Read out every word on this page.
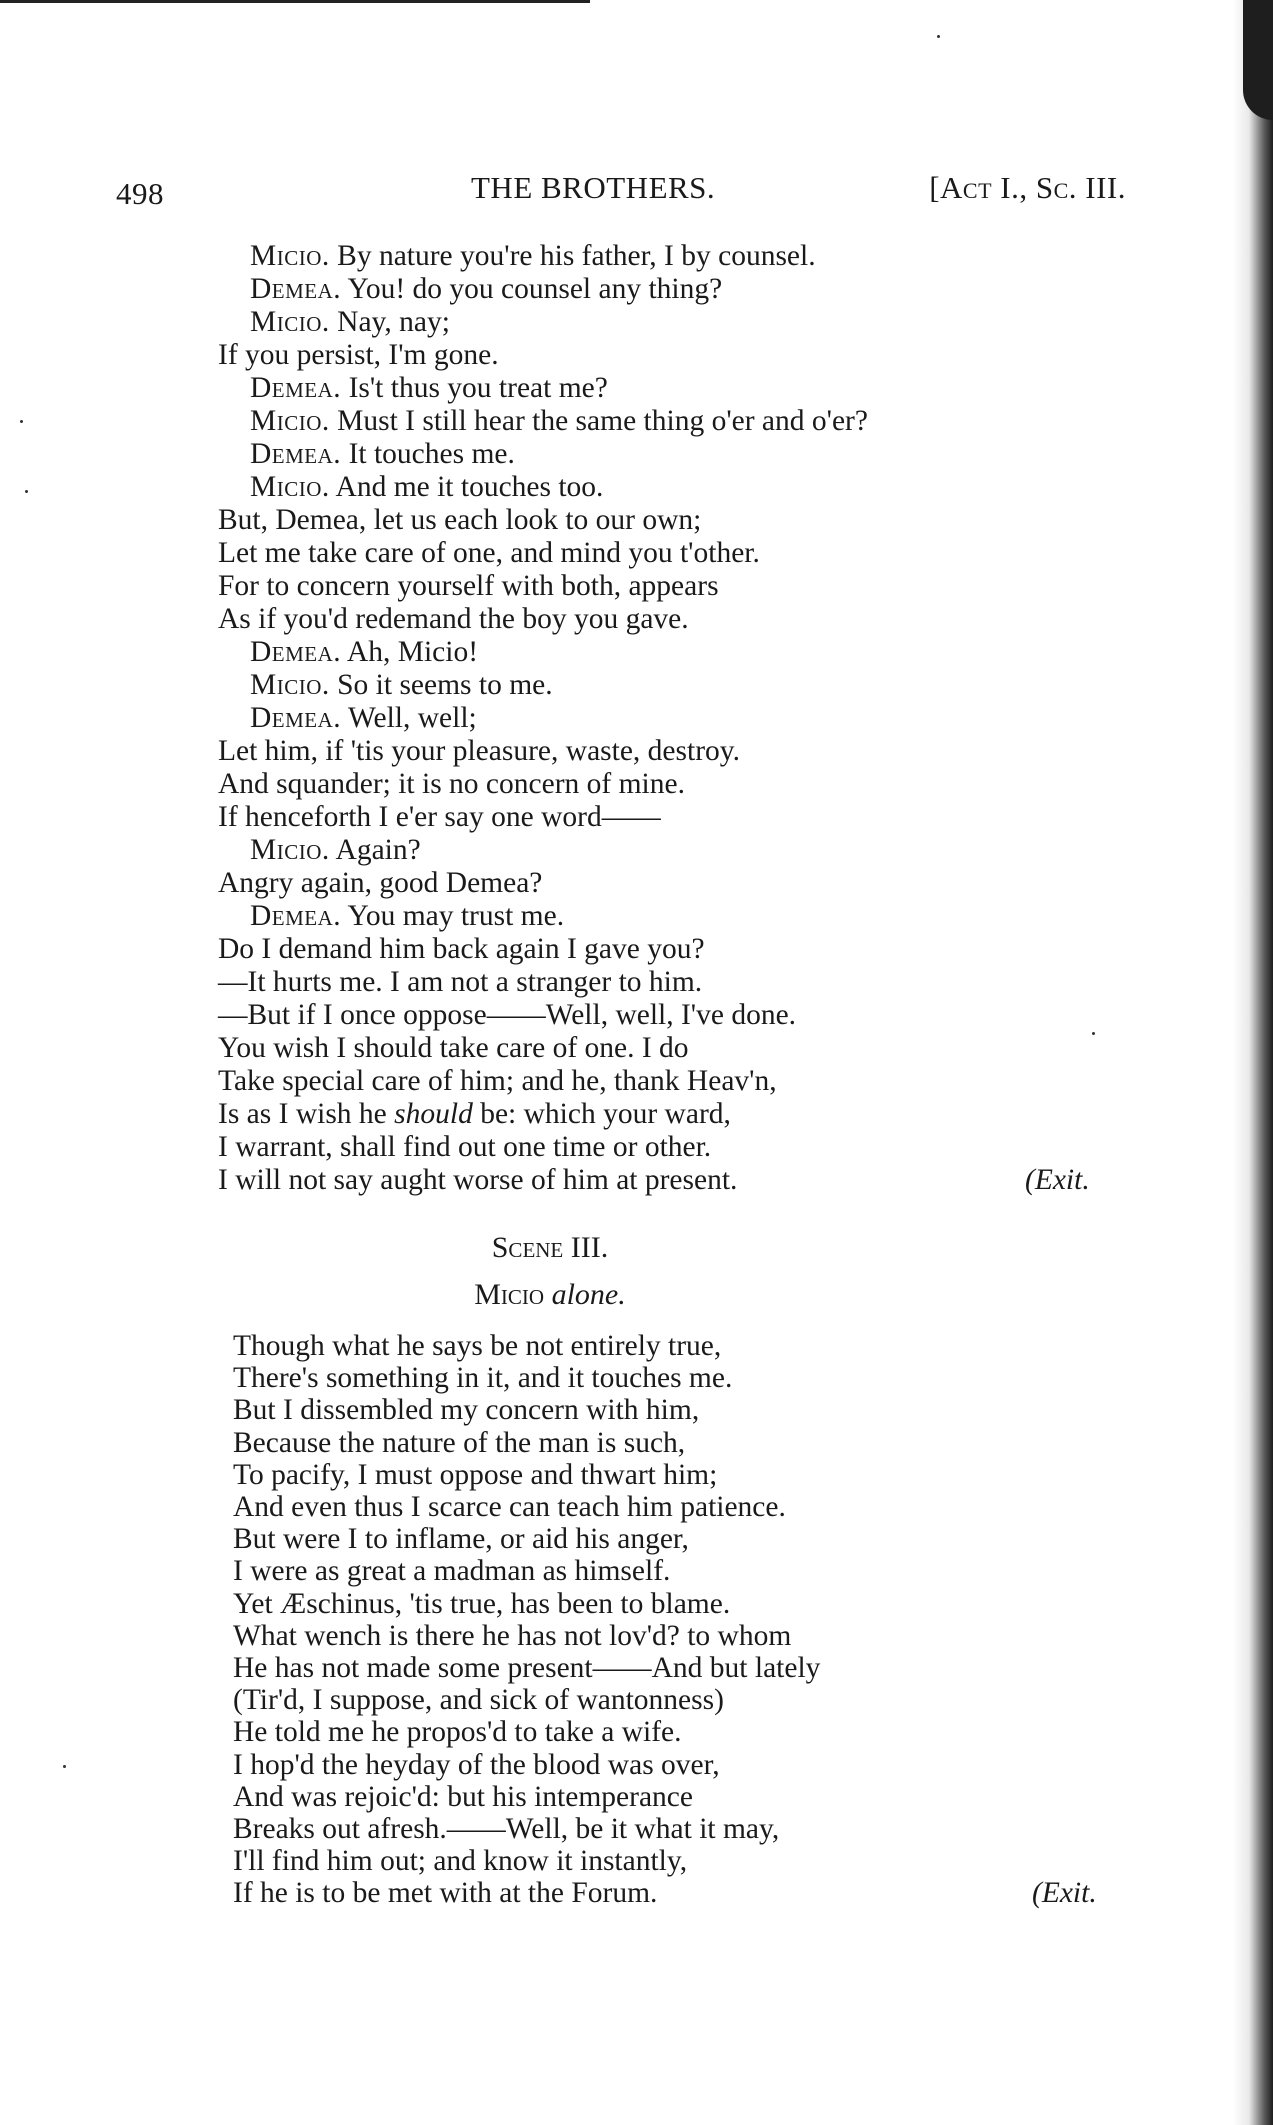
498	THE BROTHERS.	[Act I., Sc. III.
Micio. By nature you're his father, I by counsel.
Demea. You! do you counsel any thing?
Micio. Nay, nay;
If you persist, I'm gone.
Demea. Is't thus you treat me?
Micio. Must I still hear the same thing o'er and o'er?
Demea. It touches me.
Micio. And me it touches too.
But, Demea, let us each look to our own;
Let me take care of one, and mind you t'other.
For to concern yourself with both, appears
As if you'd redemand the boy you gave.
Demea. Ah, Micio!
Micio. So it seems to me.
Demea. Well, well;
Let him, if 'tis your pleasure, waste, destroy.
And squander; it is no concern of mine.
If henceforth I e'er say one word——
Micio. Again?
Angry again, good Demea?
Demea. You may trust me.
Do I demand him back again I gave you?
—It hurts me. I am not a stranger to him.
—But if I once oppose——Well, well, I've done.
You wish I should take care of one. I do
Take special care of him; and he, thank Heav'n,
Is as I wish he should be: which your ward,
I warrant, shall find out one time or other.
I will not say aught worse of him at present.	(Exit.
Scene III.
Micio alone.
Though what he says be not entirely true,
There's something in it, and it touches me.
But I dissembled my concern with him,
Because the nature of the man is such,
To pacify, I must oppose and thwart him;
And even thus I scarce can teach him patience.
But were I to inflame, or aid his anger,
I were as great a madman as himself.
Yet Æschinus, 'tis true, has been to blame.
What wench is there he has not lov'd? to whom
He has not made some present——And but lately
(Tir'd, I suppose, and sick of wantonness)
He told me he propos'd to take a wife.
I hop'd the heyday of the blood was over,
And was rejoic'd: but his intemperance
Breaks out afresh.——Well, be it what it may,
I'll find him out; and know it instantly,
If he is to be met with at the Forum.	(Exit.
